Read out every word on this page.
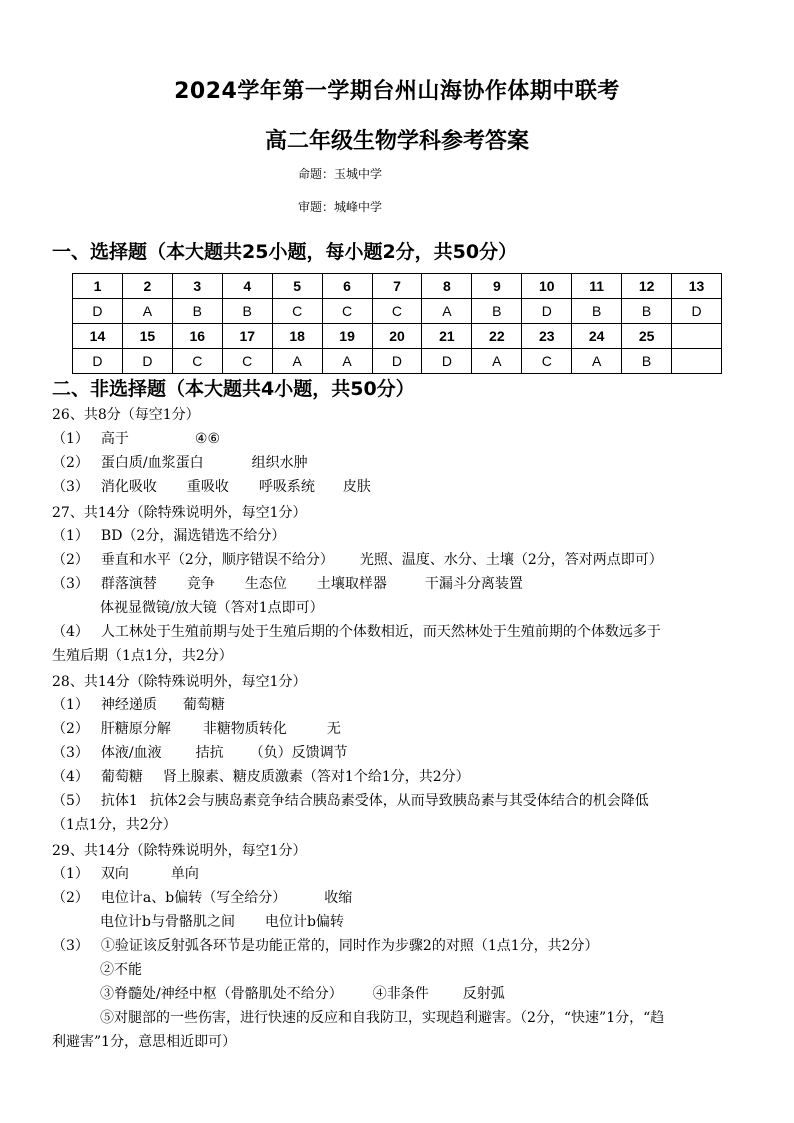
2024学年第一学期台州山海协作体期中联考
高二年级生物学科参考答案
命题：玉城中学
审题：城峰中学
一、选择题（本大题共25小题，每小题2分，共50分）
1	2	3	4	5	6	7	8	9	10	11	12	13
D	A	B	B	C	C	C	A	B	D	B	B	D
14	15	16	17	18	19	20	21	22	23	24	25	
D	D	C	C	A	A	D	D	A	C	A	B	
二、非选择题（本大题共4小题，共50分）
26、共8分（每空1分）
（1） 高于	④⑥
（2） 蛋白质/血浆蛋白	组织水肿
（3） 消化吸收 重吸收 呼吸系统 皮肤
27、共14分（除特殊说明外，每空1分）
（1） BD（2分，漏选错选不给分）
（2） 垂直和水平（2分，顺序错误不给分） 光照、温度、水分、土壤（2分，答对两点即可）
（3） 群落演替 竞争 生态位 土壤取样器	干漏斗分离装置
体视显微镜/放大镜（答对1点即可）
（4） 人工林处于生殖前期与处于生殖后期的个体数相近，而天然林处于生殖前期的个体数远多于
生殖后期（1点1分，共2分）
28、共14分（除特殊说明外，每空1分）
（1） 神经递质 葡萄糖
（2） 肝糖原分解 非糖物质转化	无
（3） 体液/血液 拮抗 （负）反馈调节
（4） 葡萄糖 肾上腺素、糖皮质激素（答对1个给1分，共2分）
（5） 抗体1 抗体2会与胰岛素竞争结合胰岛素受体，从而导致胰岛素与其受体结合的机会降低
（1点1分，共2分）
29、共14分（除特殊说明外，每空1分）
（1） 双向	单向
（2） 电位计a、b偏转（写全给分）	收缩
电位计b与骨骼肌之间 电位计b偏转
（3） ①验证该反射弧各环节是功能正常的，同时作为步骤2的对照（1点1分，共2分）
②不能
③脊髓处/神经中枢（骨骼肌处不给分） ④非条件 反射弧
⑤对腿部的一些伤害，进行快速的反应和自我防卫，实现趋利避害。（2分，“快速”1分，“趋
利避害”1分，意思相近即可）
